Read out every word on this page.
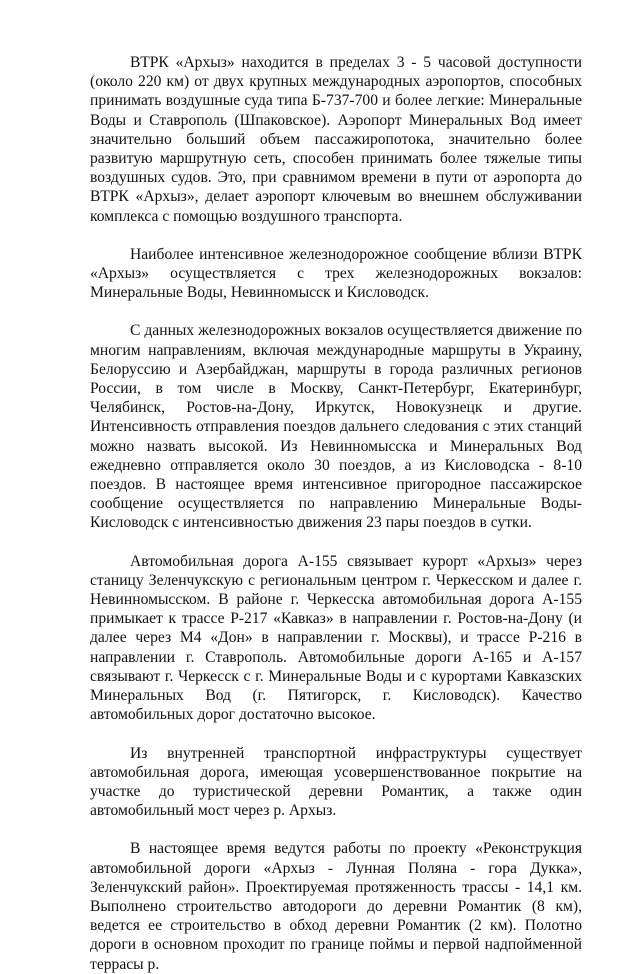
ВТРК «Архыз» находится в пределах 3 - 5 часовой доступности (около 220 км) от двух крупных международных аэропортов, способных принимать воздушные суда типа Б-737-700 и более легкие: Минеральные Воды и Ставрополь (Шпаковское). Аэропорт Минеральных Вод имеет значительно больший объем пассажиропотока, значительно более развитую маршрутную сеть, способен принимать более тяжелые типы воздушных судов. Это, при сравнимом времени в пути от аэропорта до ВТРК «Архыз», делает аэропорт ключевым во внешнем обслуживании комплекса с помощью воздушного транспорта.

Наиболее интенсивное железнодорожное сообщение вблизи ВТРК «Архыз» осуществляется с трех железнодорожных вокзалов: Минеральные Воды, Невинномысск и Кисловодск.

С данных железнодорожных вокзалов осуществляется движение по многим направлениям, включая международные маршруты в Украину, Белоруссию и Азербайджан, маршруты в города различных регионов России, в том числе в Москву, Санкт-Петербург, Екатеринбург, Челябинск, Ростов-на-Дону, Иркутск, Новокузнецк и другие. Интенсивность отправления поездов дальнего следования с этих станций можно назвать высокой. Из Невинномысска и Минеральных Вод ежедневно отправляется около 30 поездов, а из Кисловодска - 8-10 поездов. В настоящее время интенсивное пригородное пассажирское сообщение осуществляется по направлению Минеральные Воды-Кисловодск с интенсивностью движения 23 пары поездов в сутки.

Автомобильная дорога А-155 связывает курорт «Архыз» через станицу Зеленчукскую с региональным центром г. Черкесском и далее г. Невинномысском. В районе г. Черкесска автомобильная дорога А-155 примыкает к трассе Р-217 «Кавказ» в направлении г. Ростов-на-Дону (и далее через М4 «Дон» в направлении г. Москвы), и трассе Р-216 в направлении г. Ставрополь. Автомобильные дороги А-165 и А-157 связывают г. Черкесск с г. Минеральные Воды и с курортами Кавказских Минеральных Вод (г. Пятигорск, г. Кисловодск). Качество автомобильных дорог достаточно высокое.

Из внутренней транспортной инфраструктуры существует автомобильная дорога, имеющая усовершенствованное покрытие на участке до туристической деревни Романтик, а также один автомобильный мост через р. Архыз.

В настоящее время ведутся работы по проекту «Реконструкция автомобильной дороги «Архыз - Лунная Поляна - гора Дукка», Зеленчукский район». Проектируемая протяженность трассы - 14,1 км. Выполнено строительство автодороги до деревни Романтик (8 км), ведется ее строительство в обход деревни Романтик (2 км). Полотно дороги в основном проходит по границе поймы и первой надпойменной террасы р.
